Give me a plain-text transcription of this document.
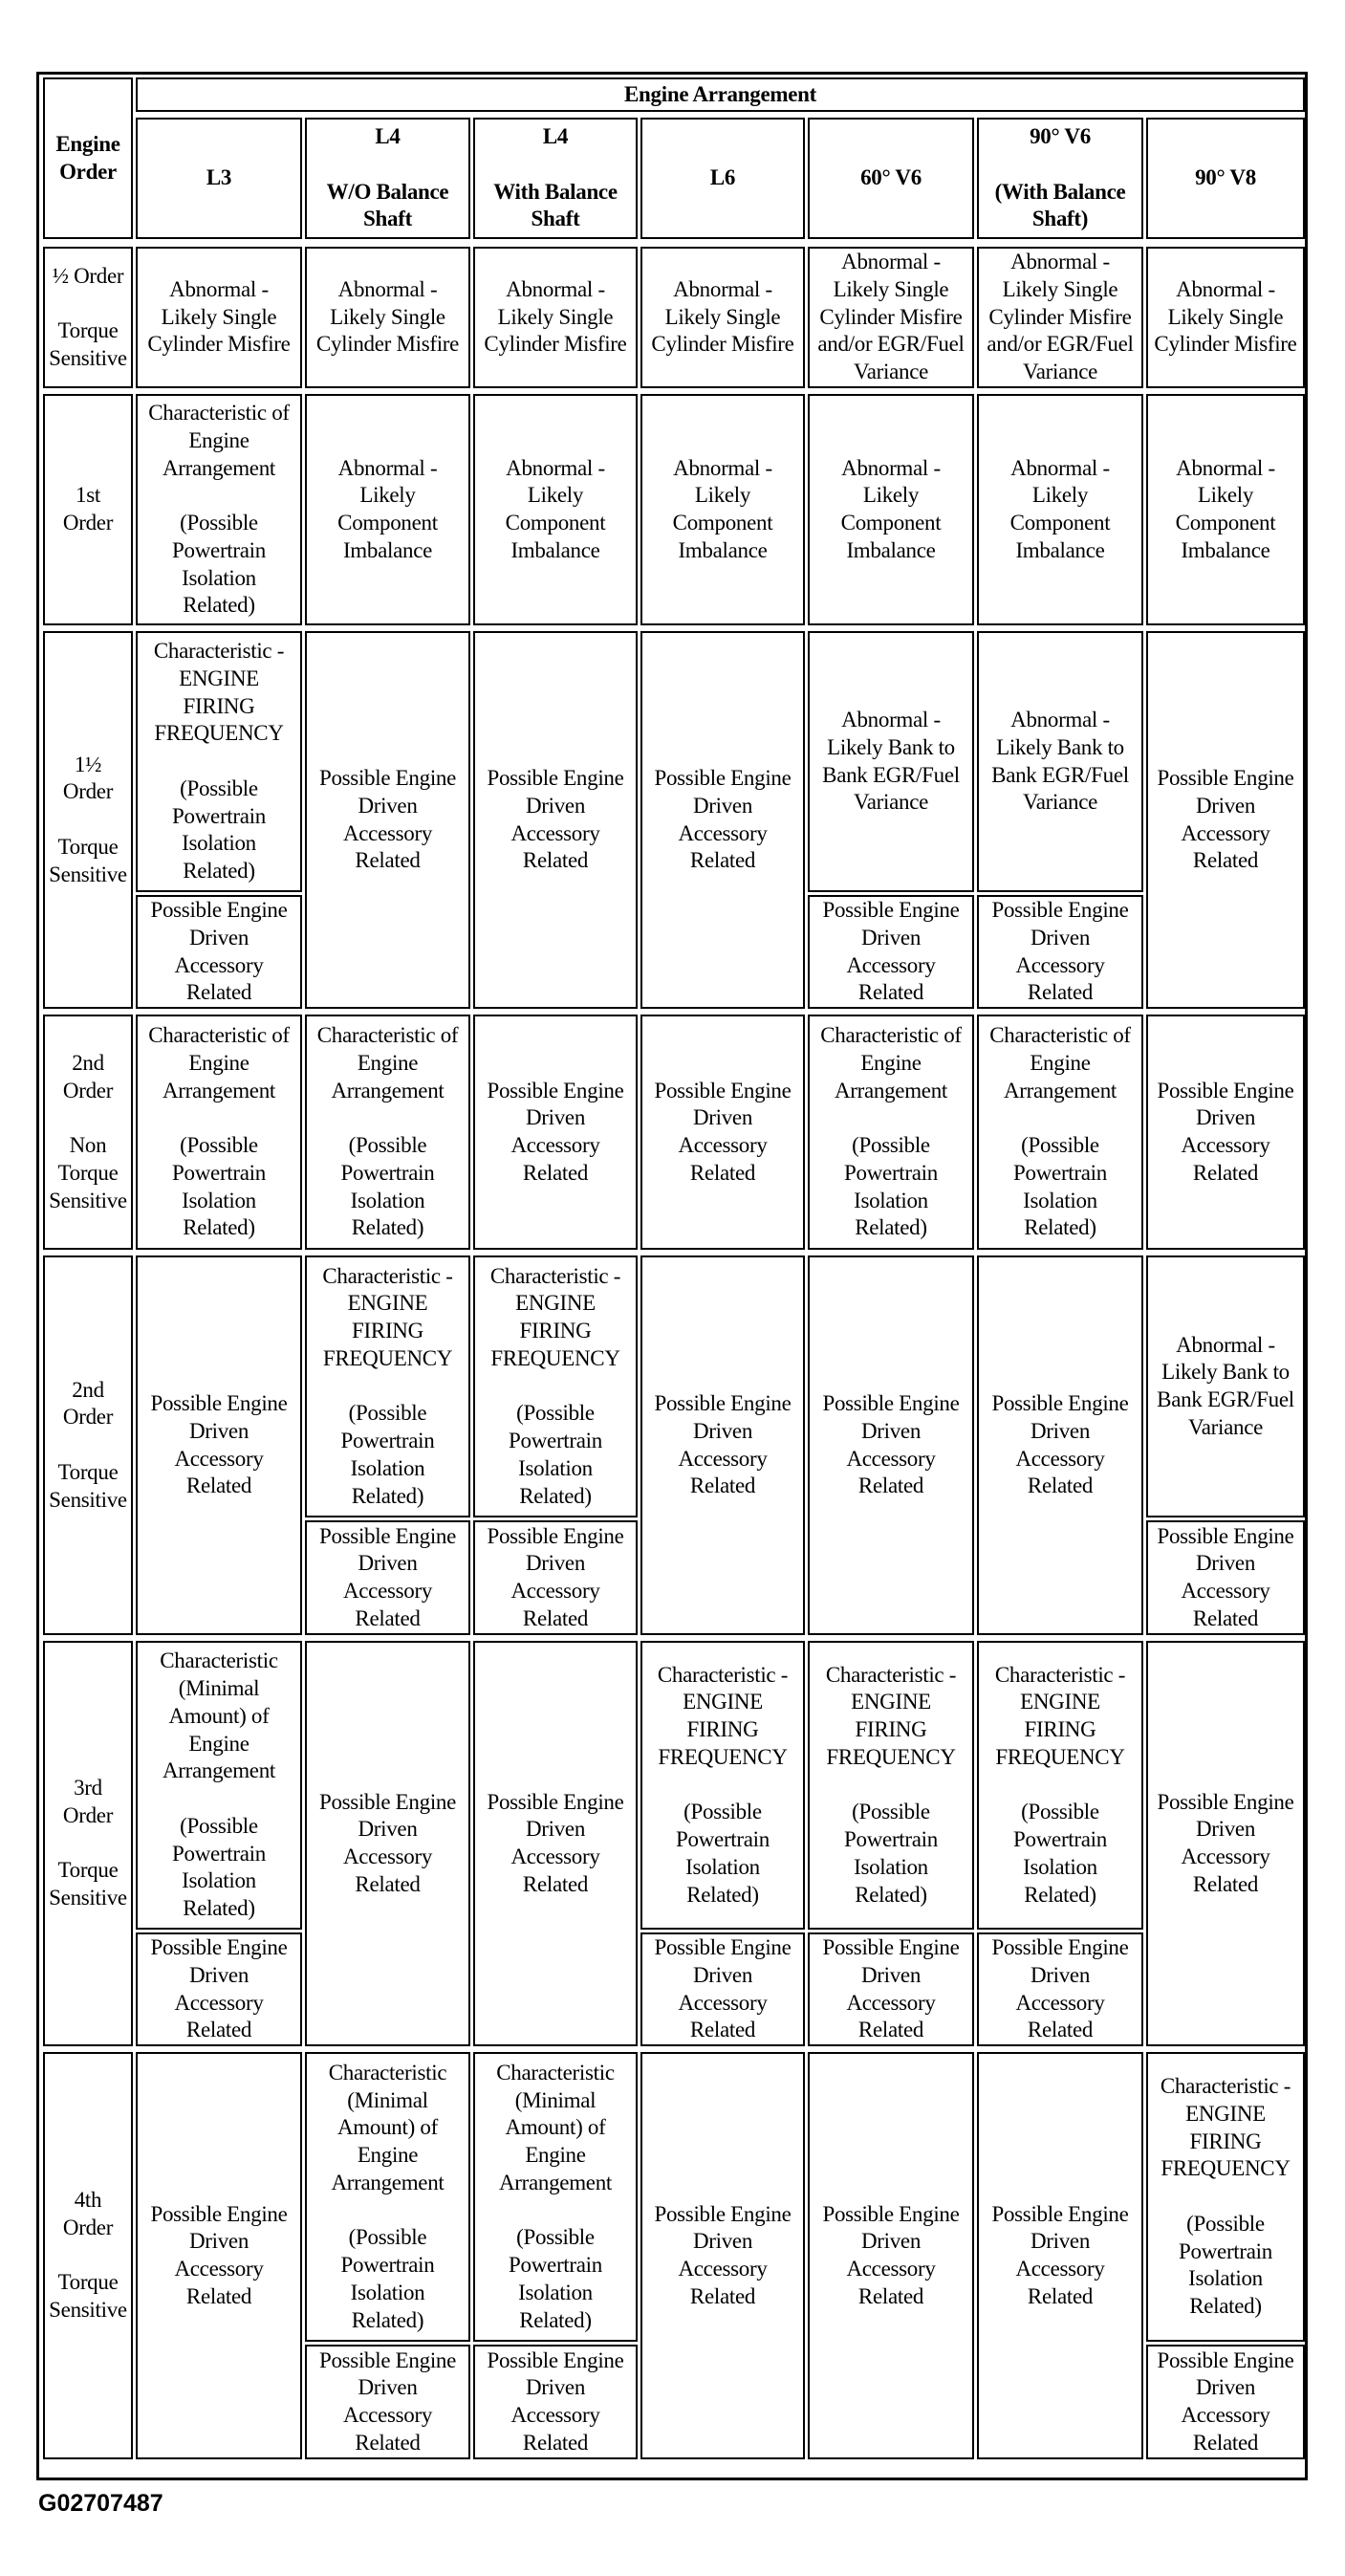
Engine
Order
Engine Arrangement
L3
L4

W/O Balance
Shaft
L4

With Balance
Shaft
L6	60° V6
90° V6

(With Balance
Shaft)
90° V8
½ Order

Torque
Sensitive
Abnormal -
Likely Single
Cylinder Misfire
Abnormal -
Likely Single
Cylinder Misfire
Abnormal -
Likely Single
Cylinder Misfire
Abnormal -
Likely Single
Cylinder Misfire
Abnormal -
Likely Single
Cylinder Misfire
and/or EGR/Fuel
Variance
Abnormal -
Likely Single
Cylinder Misfire
and/or EGR/Fuel
Variance
Abnormal -
Likely Single
Cylinder Misfire
1st
Order
Characteristic of
Engine
Arrangement

(Possible
Powertrain
Isolation
Related)
Abnormal -
Likely
Component
Imbalance
Abnormal -
Likely
Component
Imbalance
Abnormal -
Likely
Component
Imbalance
Abnormal -
Likely
Component
Imbalance
Abnormal -
Likely
Component
Imbalance
Abnormal -
Likely
Component
Imbalance
1½
Order

Torque
Sensitive
Characteristic -
ENGINE
FIRING
FREQUENCY

(Possible
Powertrain
Isolation
Related)
Possible Engine
Driven
Accessory
Related
Possible Engine
Driven
Accessory
Related
Possible Engine
Driven
Accessory
Related
Possible Engine
Driven
Accessory
Related
Abnormal -
Likely Bank to
Bank EGR/Fuel
Variance
Possible Engine
Driven
Accessory
Related
Abnormal -
Likely Bank to
Bank EGR/Fuel
Variance
Possible Engine
Driven
Accessory
Related
Possible Engine
Driven
Accessory
Related
2nd
Order

Non
Torque
Sensitive
Characteristic of
Engine
Arrangement

(Possible
Powertrain
Isolation
Related)
Characteristic of
Engine
Arrangement

(Possible
Powertrain
Isolation
Related)
Possible Engine
Driven
Accessory
Related
Possible Engine
Driven
Accessory
Related
Characteristic of
Engine
Arrangement

(Possible
Powertrain
Isolation
Related)
Characteristic of
Engine
Arrangement

(Possible
Powertrain
Isolation
Related)
Possible Engine
Driven
Accessory
Related
2nd
Order

Torque
Sensitive
Possible Engine
Driven
Accessory
Related
Characteristic -
ENGINE
FIRING
FREQUENCY

(Possible
Powertrain
Isolation
Related)
Possible Engine
Driven
Accessory
Related
Characteristic -
ENGINE
FIRING
FREQUENCY

(Possible
Powertrain
Isolation
Related)
Possible Engine
Driven
Accessory
Related
Possible Engine
Driven
Accessory
Related
Possible Engine
Driven
Accessory
Related
Possible Engine
Driven
Accessory
Related
Abnormal -
Likely Bank to
Bank EGR/Fuel
Variance
Possible Engine
Driven
Accessory
Related
3rd
Order

Torque
Sensitive
Characteristic
(Minimal
Amount) of
Engine
Arrangement

(Possible
Powertrain
Isolation
Related)
Possible Engine
Driven
Accessory
Related
Possible Engine
Driven
Accessory
Related
Possible Engine
Driven
Accessory
Related
Characteristic -
ENGINE
FIRING
FREQUENCY

(Possible
Powertrain
Isolation
Related)
Possible Engine
Driven
Accessory
Related
Characteristic -
ENGINE
FIRING
FREQUENCY

(Possible
Powertrain
Isolation
Related)
Possible Engine
Driven
Accessory
Related
Characteristic -
ENGINE
FIRING
FREQUENCY

(Possible
Powertrain
Isolation
Related)
Possible Engine
Driven
Accessory
Related
Possible Engine
Driven
Accessory
Related
4th
Order

Torque
Sensitive
Possible Engine
Driven
Accessory
Related
Characteristic
(Minimal
Amount) of
Engine
Arrangement

(Possible
Powertrain
Isolation
Related)
Possible Engine
Driven
Accessory
Related
Characteristic
(Minimal
Amount) of
Engine
Arrangement

(Possible
Powertrain
Isolation
Related)
Possible Engine
Driven
Accessory
Related
Possible Engine
Driven
Accessory
Related
Possible Engine
Driven
Accessory
Related
Possible Engine
Driven
Accessory
Related
Characteristic -
ENGINE
FIRING
FREQUENCY

(Possible
Powertrain
Isolation
Related)
Possible Engine
Driven
Accessory
Related
G02707487
